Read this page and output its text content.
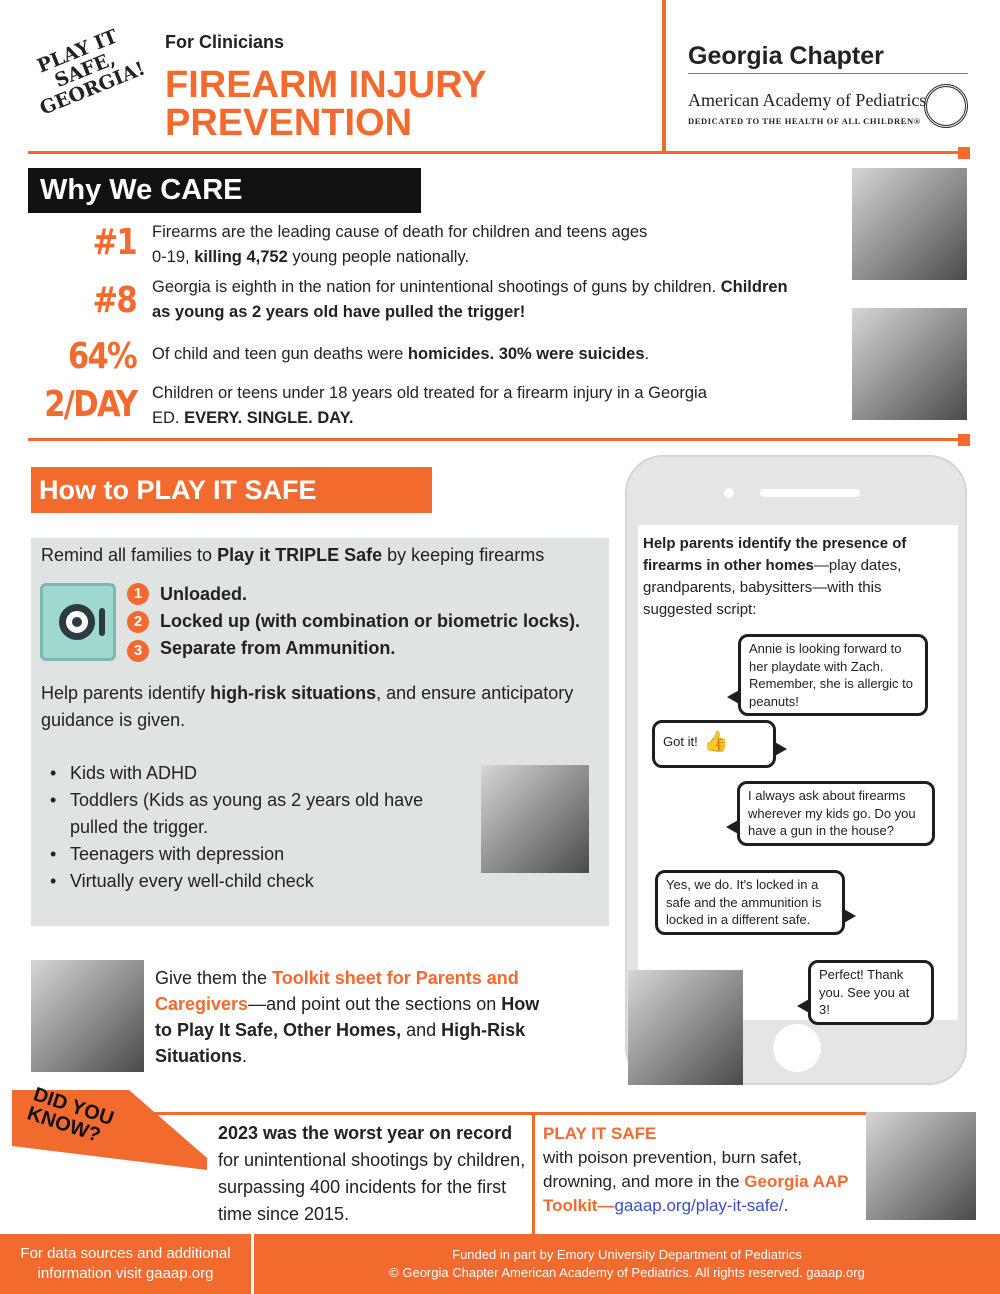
PLAY IT SAFE, GEORGIA!
For Clinicians
FIREARM INJURY
PREVENTION
Georgia Chapter
American Academy of Pediatrics
DEDICATED TO THE HEALTH OF ALL CHILDREN®
Why We CARE
#1 Firearms are the leading cause of death for children and teens ages 0-19, killing 4,752 young people nationally.
#8 Georgia is eighth in the nation for unintentional shootings of guns by children. Children as young as 2 years old have pulled the trigger!
64% Of child and teen gun deaths were homicides. 30% were suicides.
2/DAY Children or teens under 18 years old treated for a firearm injury in a Georgia ED. EVERY. SINGLE. DAY.
How to PLAY IT SAFE
Remind all families to Play it TRIPLE Safe by keeping firearms
1 Unloaded.
2 Locked up (with combination or biometric locks).
3 Separate from Ammunition.
Help parents identify high-risk situations, and ensure anticipatory guidance is given.
• Kids with ADHD
• Toddlers (Kids as young as 2 years old have pulled the trigger.
• Teenagers with depression
• Virtually every well-child check
Give them the Toolkit sheet for Parents and Caregivers—and point out the sections on How to Play It Safe, Other Homes, and High-Risk Situations.
Help parents identify the presence of firearms in other homes—play dates, grandparents, babysitters—with this suggested script:
Annie is looking forward to her playdate with Zach. Remember, she is allergic to peanuts!
Got it! 👍
I always ask about firearms wherever my kids go. Do you have a gun in the house?
Yes, we do. It's locked in a safe and the ammunition is locked in a different safe.
Perfect! Thank you. See you at 3!
DID YOU KNOW?	2023 was the worst year on record for unintentional shootings by children, surpassing 400 incidents for the first time since 2015.
PLAY IT SAFE
with poison prevention, burn safet, drowning, and more in the Georgia AAP Toolkit—gaaap.org/play-it-safe/.
For data sources and additional
information visit gaaap.org
Funded in part by Emory University Department of Pediatrics
© Georgia Chapter American Academy of Pediatrics. All rights reserved. gaaap.org
